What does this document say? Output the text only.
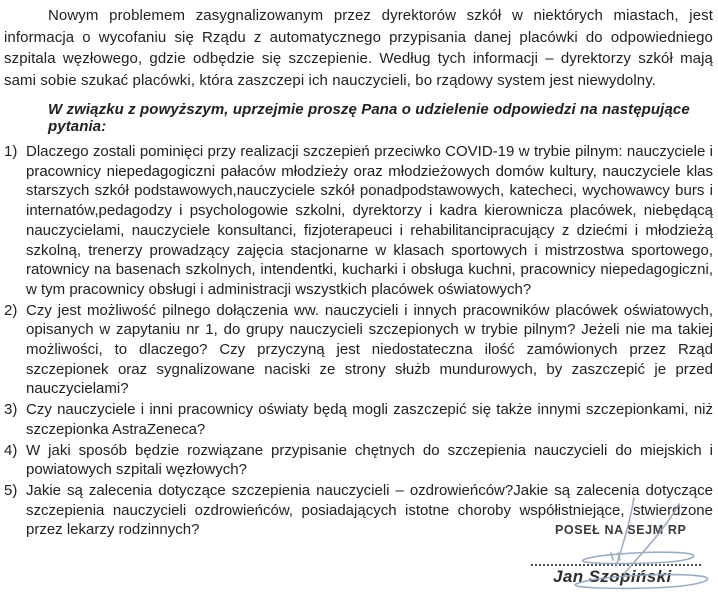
Nowym problemem zasygnalizowanym przez dyrektorów szkół w niektórych miastach, jest informacja o wycofaniu się Rządu z automatycznego przypisania danej placówki do odpowiedniego szpitala węzłowego, gdzie odbędzie się szczepienie. Według tych informacji – dyrektorzy szkół mają sami sobie szukać placówki, która zaszczepi ich nauczycieli, bo rządowy system jest niewydolny.

W związku z powyższym, uprzejmie proszę Pana o udzielenie odpowiedzi na następujące pytania:

1) Dlaczego zostali pominięci przy realizacji szczepień przeciwko COVID-19 w trybie pilnym: nauczyciele i pracownicy niepedagogiczni pałaców młodzieży oraz młodzieżowych domów kultury, nauczyciele klas starszych szkół podstawowych,nauczyciele szkół ponadpodstawowych, katecheci, wychowawcy burs i internatów,pedagodzy i psychologowie szkolni, dyrektorzy i kadra kierownicza placówek, niebędącą nauczycielami, nauczyciele konsultanci, fizjoterapeuci i rehabilitancipracujący z dziećmi i młodzieżą szkolną, trenerzy prowadzący zajęcia stacjonarne w klasach sportowych i mistrzostwa sportowego, ratownicy na basenach szkolnych, intendentki, kucharki i obsługa kuchni, pracownicy niepedagogiczni, w tym pracownicy obsługi i administracji wszystkich placówek oświatowych?
2) Czy jest możliwość pilnego dołączenia ww. nauczycieli i innych pracowników placówek oświatowych, opisanych w zapytaniu nr 1, do grupy nauczycieli szczepionych w trybie pilnym? Jeżeli nie ma takiej możliwości, to dlaczego? Czy przyczyną jest niedostateczna ilość zamówionych przez Rząd szczepionek oraz sygnalizowane naciski ze strony służb mundurowych, by zaszczepić je przed nauczycielami?
3) Czy nauczyciele i inni pracownicy oświaty będą mogli zaszczepić się także innymi szczepionkami, niż szczepionka AstraZeneca?
4) W jaki sposób będzie rozwiązane przypisanie chętnych do szczepienia nauczycieli do miejskich i powiatowych szpitali węzłowych?
5) Jakie są zalecenia dotyczące szczepienia nauczycieli – ozdrowieńców?Jakie są zalecenia dotyczące szczepienia nauczycieli ozdrowieńców, posiadających istotne choroby współistniejące, stwierdzone przez lekarzy rodzinnych?	POSEŁ NA SEJM RP
Jan Szopiński
